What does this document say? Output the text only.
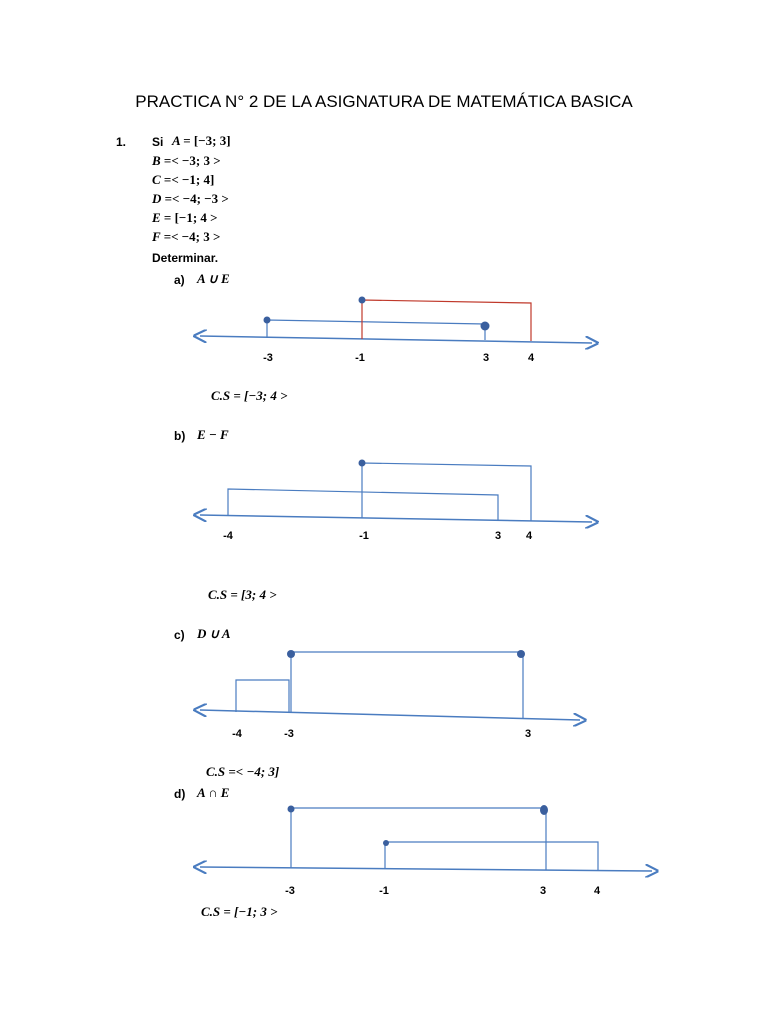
PRACTICA N° 2 DE LA ASIGNATURA DE MATEMÁTICA BASICA
1. Si A = [−3; 3]
B =< −3; 3 >
C =< −1; 4]
D =< −4; −3 >
E = [−1; 4 >
F =< −4; 3 >
Determinar.
a) A ∪ E
b) E − F
c) D ∪ A
d) A ∩ E
-3	-1	3	4
-4	-1	3 4
-4	-3	3
-3	-1	3	4
C.S = [−3; 4 >
C.S = [3; 4 >
C.S =< −4; 3]
C.S = [−1; 3 >
